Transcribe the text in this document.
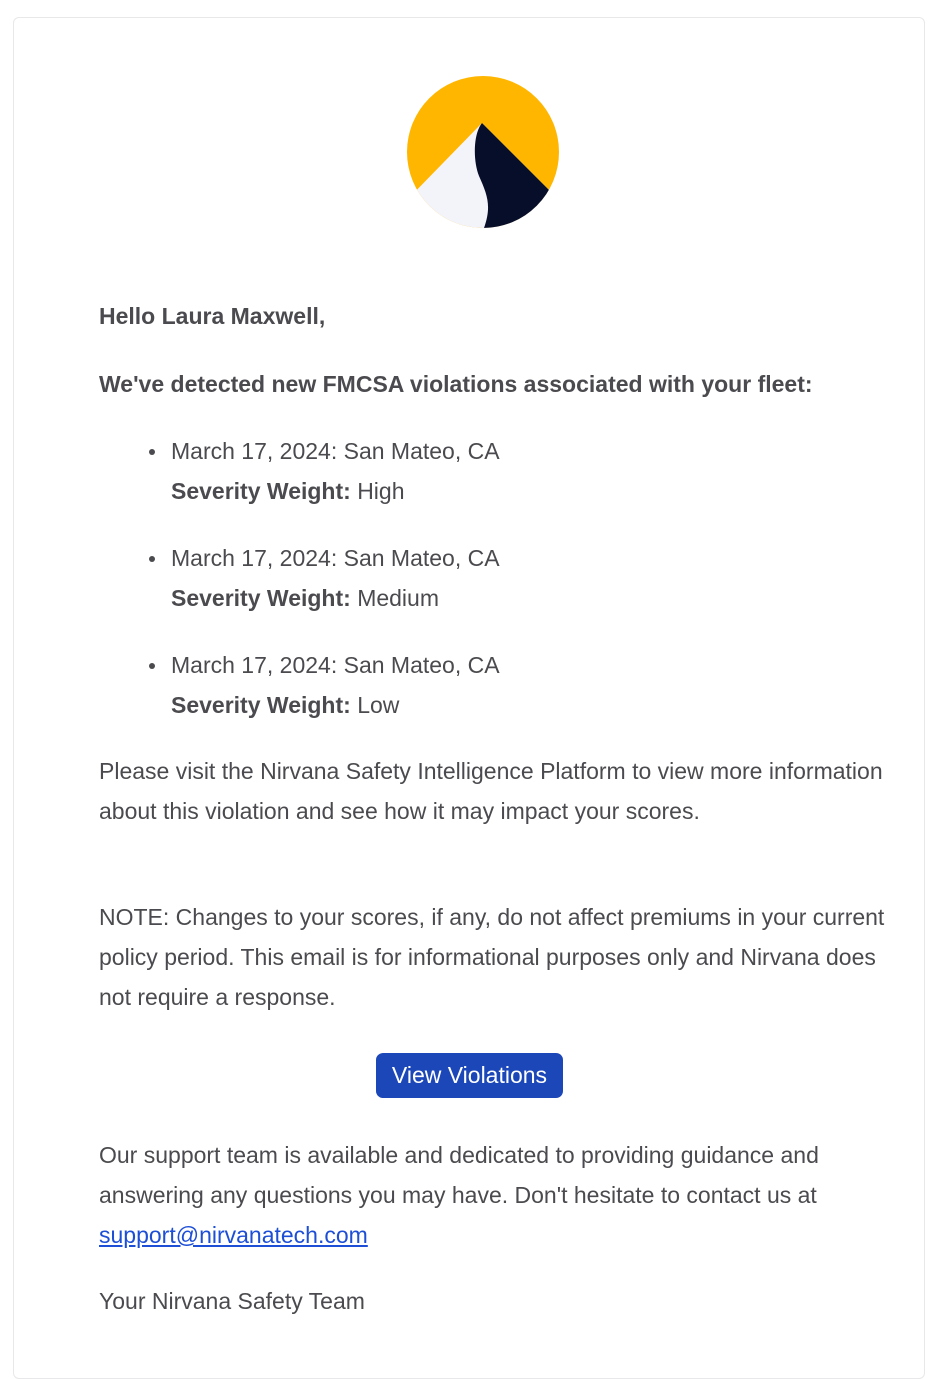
Hello Laura Maxwell,

We've detected new FMCSA violations associated with your fleet:

March 17, 2024: San Mateo, CA
Severity Weight: High
March 17, 2024: San Mateo, CA
Severity Weight: Medium
March 17, 2024: San Mateo, CA
Severity Weight: Low

Please visit the Nirvana Safety Intelligence Platform to view more information about this violation and see how it may impact your scores.

NOTE: Changes to your scores, if any, do not affect premiums in your current policy period. This email is for informational purposes only and Nirvana does not require a response.

Our support team is available and dedicated to providing guidance and answering any questions you may have. Don't hesitate to contact us at support@nirvanatech.com

Your Nirvana Safety Team

View Violations
